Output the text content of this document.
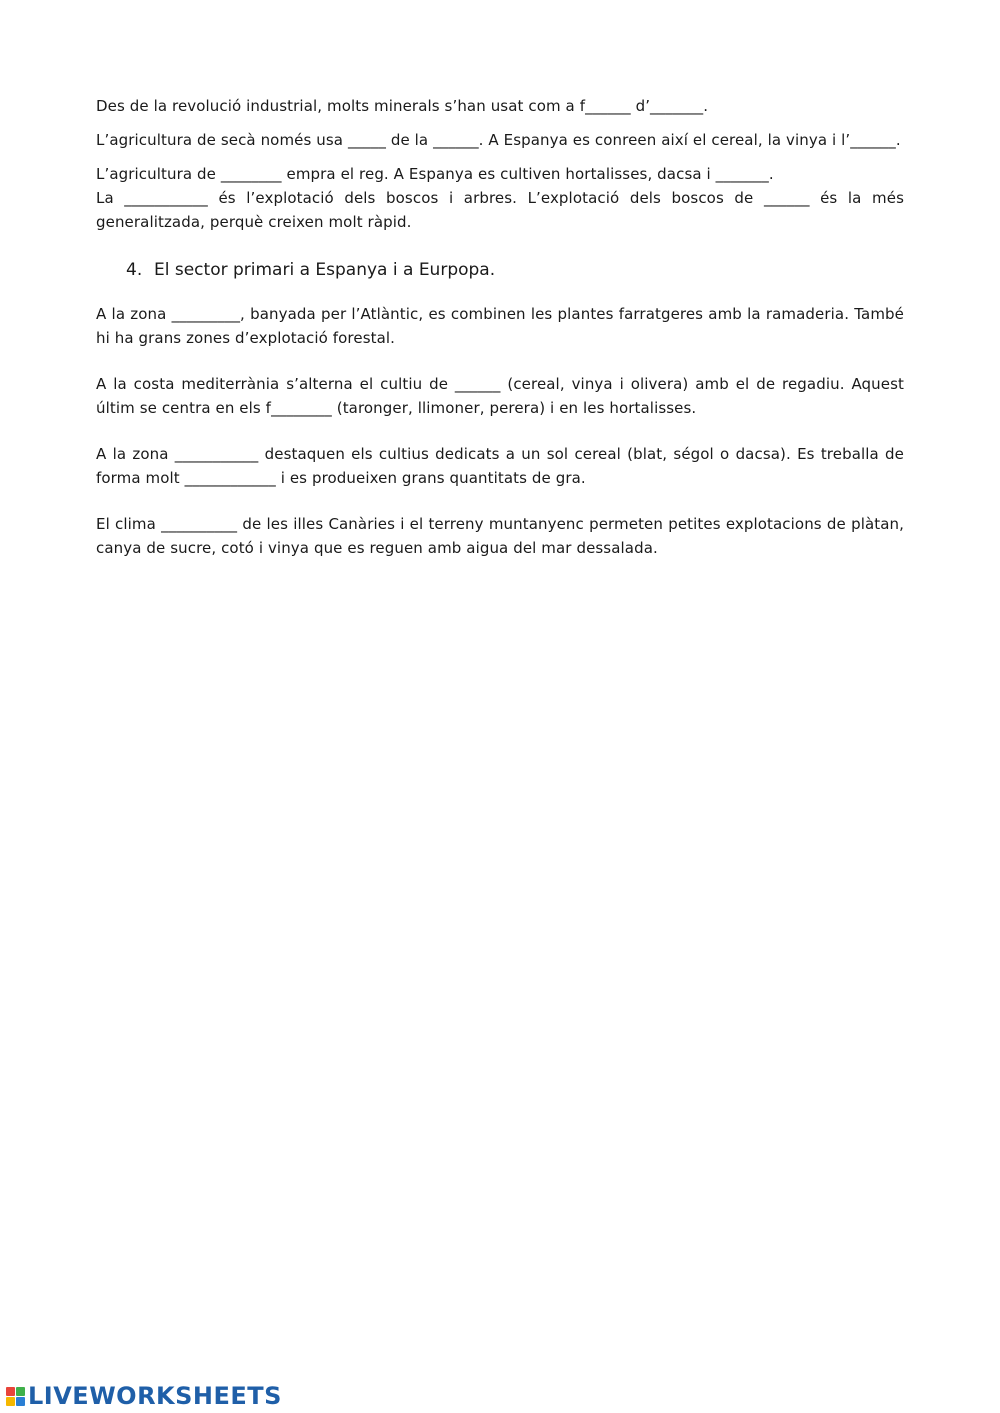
Des de la revolució industrial, molts minerals s’han usat com a f______ d’_______.

L’agricultura de secà només usa _____ de la ______. A Espanya es conreen així el cereal, la vinya i l’______.

L’agricultura de ________ empra el reg. A Espanya es cultiven hortalisses, dacsa i _______.

La ___________ és l’explotació dels boscos i arbres. L’explotació dels boscos de ______ és la més generalitzada, perquè creixen molt ràpid.

4. El sector primari a Espanya i a Eurpopa.

A la zona _________, banyada per l’Atlàntic, es combinen les plantes farratgeres amb la ramaderia. També hi ha grans zones d’explotació forestal.

A la costa mediterrània s’alterna el cultiu de ______ (cereal, vinya i olivera) amb el de regadiu. Aquest últim se centra en els f________ (taronger, llimoner, perera) i en les hortalisses.

A la zona ___________ destaquen els cultius dedicats a un sol cereal (blat, ségol o dacsa). Es treballa de forma molt ____________ i es produeixen grans quantitats de gra.

El clima __________ de les illes Canàries i el terreny muntanyenc permeten petites explotacions de plàtan, canya de sucre, cotó i vinya que es reguen amb aigua del mar dessalada.

LIVEWORKSHEETS
